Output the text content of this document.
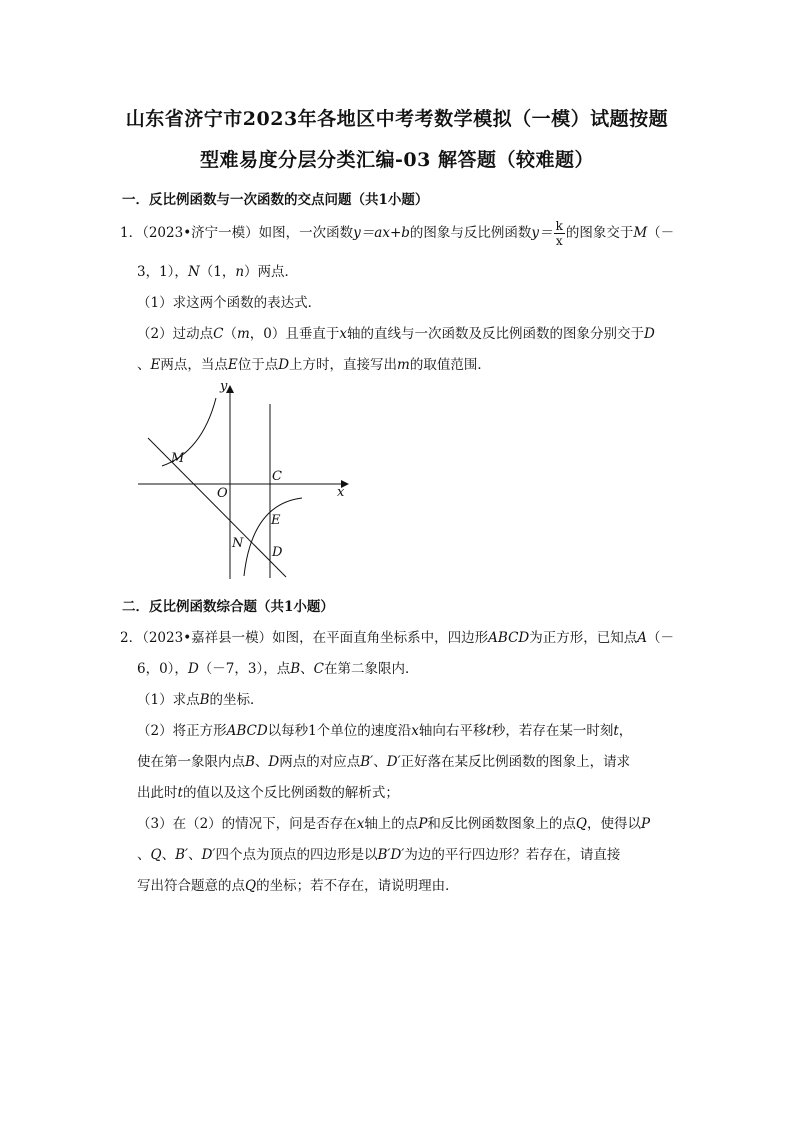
山东省济宁市2023年各地区中考考数学模拟（一模）试题按题
型难易度分层分类汇编-03 解答题（较难题）
一．反比例函数与一次函数的交点问题（共1小题）
1．（2023•济宁一模）如图，一次函数y＝ax+b的图象与反比例函数$y= \frac{k}{x}$ 的图象交于M（－
3，1），N（1，n）两点．
（1）求这两个函数的表达式．
（2）过动点C（m，0）且垂直于x轴的直线与一次函数及反比例函数的图象分别交于D
、E两点，当点E位于点D上方时，直接写出m的取值范围．
y
x
O
M
C
E
N
D
二．反比例函数综合题（共1小题）
2．（2023•嘉祥县一模）如图，在平面直角坐标系中，四边形ABCD为正方形，已知点A（－
6，0），D（－7，3），点B、C在第二象限内．
（1）求点B的坐标．
（2）将正方形ABCD以每秒1个单位的速度沿x轴向右平移t秒，若存在某一时刻t，
使在第一象限内点B、D两点的对应点B′、D′正好落在某反比例函数的图象上，请求
出此时t的值以及这个反比例函数的解析式；
（3）在（2）的情况下，问是否存在x轴上的点P和反比例函数图象上的点Q，使得以P
、Q、B′、D′四个点为顶点的四边形是以B′D′为边的平行四边形？若存在，请直接
写出符合题意的点Q的坐标；若不存在，请说明理由．
